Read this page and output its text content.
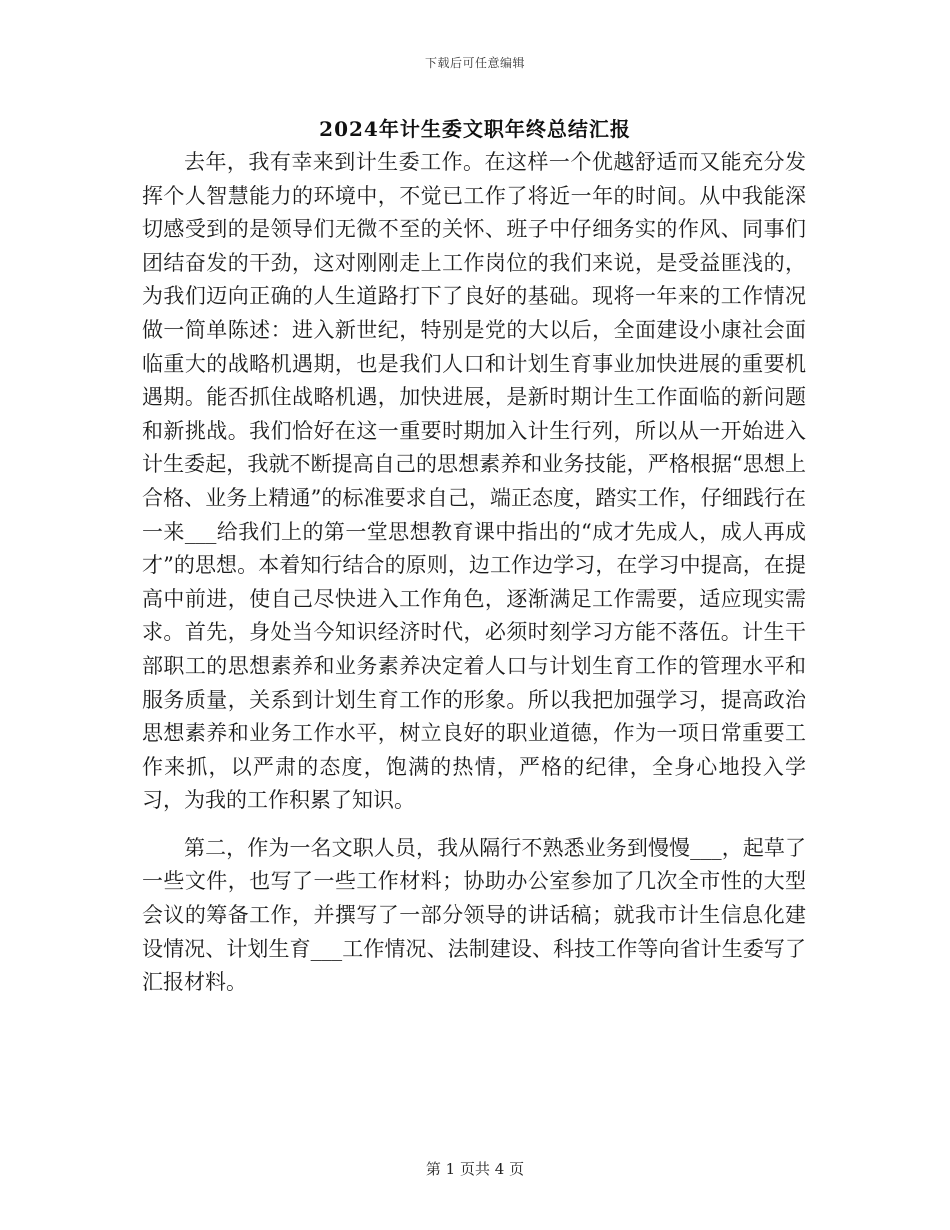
下载后可任意编辑
2024年计生委文职年终总结汇报

去年，我有幸来到计生委工作。在这样一个优越舒适而又能充分发挥个人智慧能力的环境中，不觉已工作了将近一年的时间。从中我能深切感受到的是领导们无微不至的关怀、班子中仔细务实的作风、同事们团结奋发的干劲，这对刚刚走上工作岗位的我们来说，是受益匪浅的，为我们迈向正确的人生道路打下了良好的基础。现将一年来的工作情况做一简单陈述：进入新世纪，特别是党的大以后，全面建设小康社会面临重大的战略机遇期，也是我们人口和计划生育事业加快进展的重要机遇期。能否抓住战略机遇，加快进展，是新时期计生工作面临的新问题和新挑战。我们恰好在这一重要时期加入计生行列，所以从一开始进入计生委起，我就不断提高自己的思想素养和业务技能，严格根据“思想上合格、业务上精通”的标准要求自己，端正态度，踏实工作，仔细践行在一来___给我们上的第一堂思想教育课中指出的“成才先成人，成人再成才”的思想。本着知行结合的原则，边工作边学习，在学习中提高，在提高中前进，使自己尽快进入工作角色，逐渐满足工作需要，适应现实需求。首先，身处当今知识经济时代，必须时刻学习方能不落伍。计生干部职工的思想素养和业务素养决定着人口与计划生育工作的管理水平和服务质量，关系到计划生育工作的形象。所以我把加强学习，提高政治思想素养和业务工作水平，树立良好的职业道德，作为一项日常重要工作来抓，以严肃的态度，饱满的热情，严格的纪律，全身心地投入学习，为我的工作积累了知识。

第二，作为一名文职人员，我从隔行不熟悉业务到慢慢___，起草了一些文件，也写了一些工作材料；协助办公室参加了几次全市性的大型会议的筹备工作，并撰写了一部分领导的讲话稿；就我市计生信息化建设情况、计划生育___工作情况、法制建设、科技工作等向省计生委写了汇报材料。

第 1 页共 4 页
